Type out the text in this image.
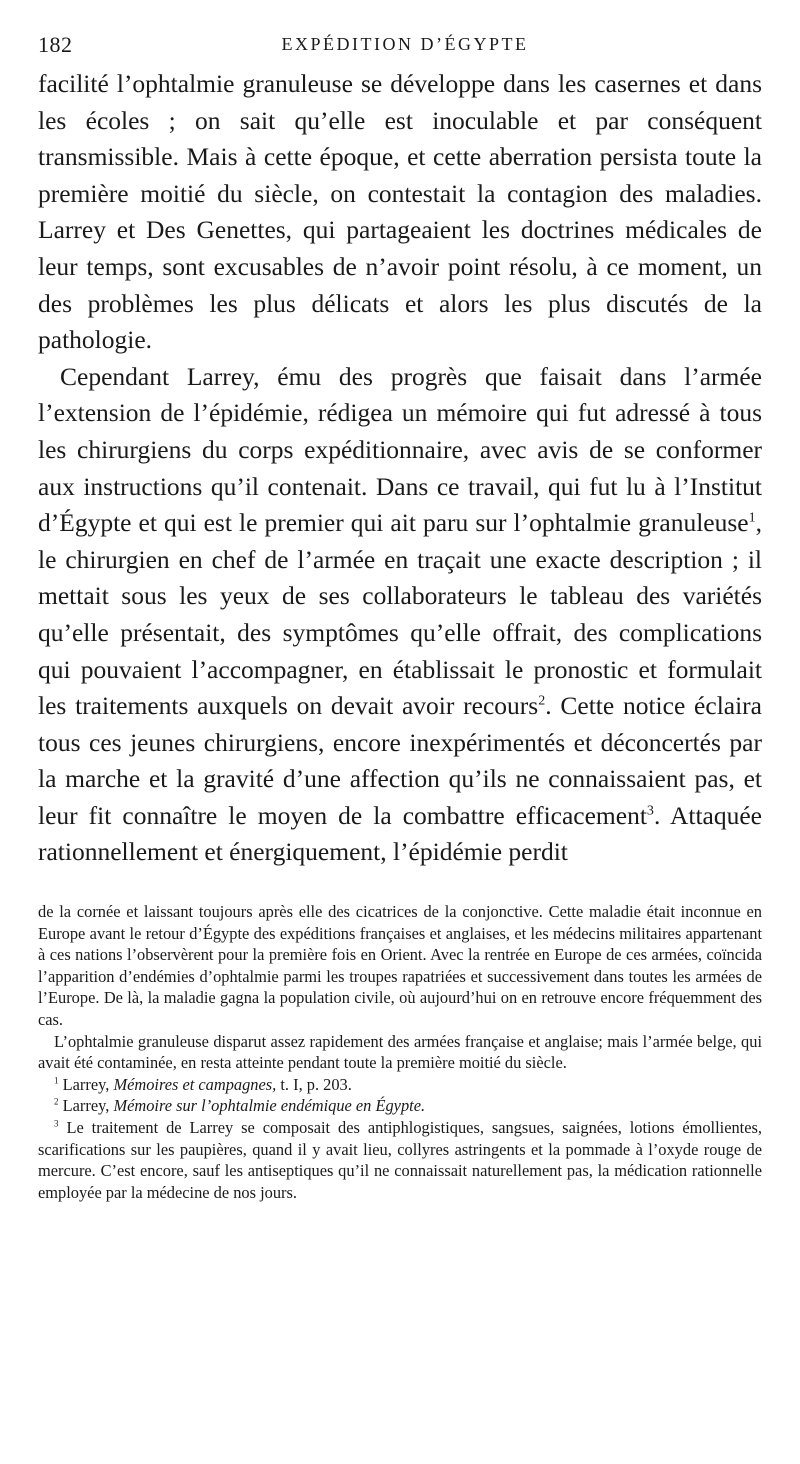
182	EXPÉDITION D’ÉGYPTE

facilité l’ophtalmie granuleuse se développe dans les casernes et dans les écoles ; on sait qu’elle est inoculable et par conséquent transmissible. Mais à cette époque, et cette aberration persista toute la première moitié du siècle, on contestait la contagion des maladies. Larrey et Des Genettes, qui partageaient les doctrines médicales de leur temps, sont excusables de n’avoir point résolu, à ce moment, un des problèmes les plus délicats et alors les plus discutés de la pathologie.

Cependant Larrey, ému des progrès que faisait dans l’armée l’extension de l’épidémie, rédigea un mémoire qui fut adressé à tous les chirurgiens du corps expéditionnaire, avec avis de se conformer aux instructions qu’il contenait. Dans ce travail, qui fut lu à l’Institut d’Égypte et qui est le premier qui ait paru sur l’ophtalmie granuleuse$^1$, le chirurgien en chef de l’armée en traçait une exacte description ; il mettait sous les yeux de ses collaborateurs le tableau des variétés qu’elle présentait, des symptômes qu’elle offrait, des complications qui pouvaient l’accompagner, en établissait le pronostic et formulait les traitements auxquels on devait avoir recours$^2$. Cette notice éclaira tous ces jeunes chirurgiens, encore inexpérimentés et déconcertés par la marche et la gravité d’une affection qu’ils ne connaissaient pas, et leur fit connaître le moyen de la combattre efficacement$^3$. Attaquée rationnellement et énergiquement, l’épidémie perdit

de la cornée et laissant toujours après elle des cicatrices de la conjonctive. Cette maladie était inconnue en Europe avant le retour d’Égypte des expéditions françaises et anglaises, et les médecins militaires appartenant à ces nations l’observèrent pour la première fois en Orient. Avec la rentrée en Europe de ces armées, coïncida l’apparition d’endémies d’ophtalmie parmi les troupes rapatriées et successivement dans toutes les armées de l’Europe. De là, la maladie gagna la population civile, où aujourd’hui on en retrouve encore fréquemment des cas.

L’ophtalmie granuleuse disparut assez rapidement des armées française et anglaise; mais l’armée belge, qui avait été contaminée, en resta atteinte pendant toute la première moitié du siècle.

$^1$ Larrey, Mémoires et campagnes, t. I, p. 203.

$^2$ Larrey, Mémoire sur l’ophtalmie endémique en Égypte.

$^3$ Le traitement de Larrey se composait des antiphlogistiques, sangsues, saignées, lotions émollientes, scarifications sur les paupières, quand il y avait lieu, collyres astringents et la pommade à l’oxyde rouge de mercure. C’est encore, sauf les antiseptiques qu’il ne connaissait naturellement pas, la médication rationnelle employée par la médecine de nos jours.
